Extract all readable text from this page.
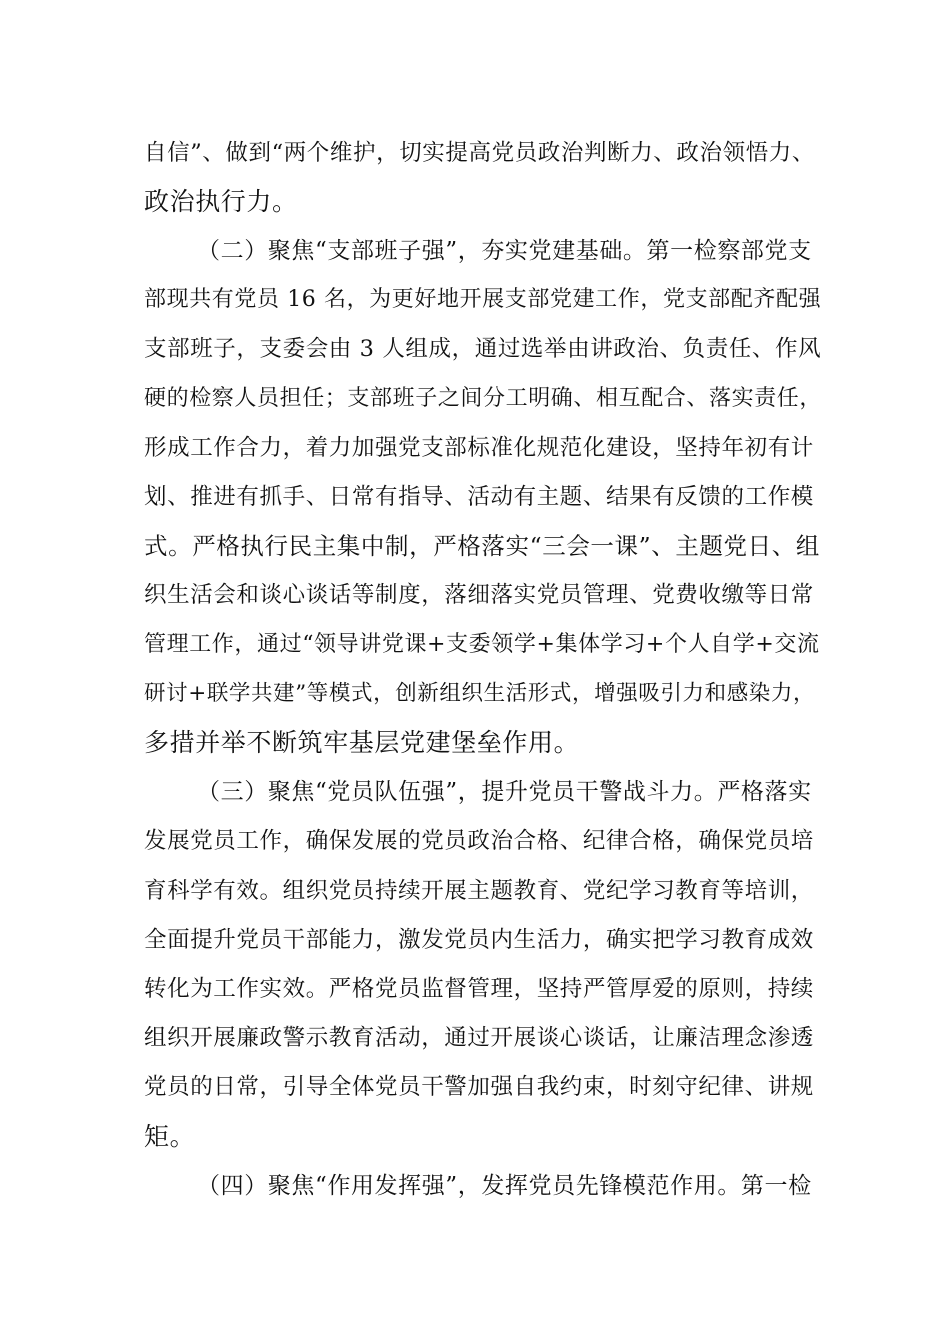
自信”、做到“两个维护，切实提高党员政治判断力、政治领悟力、
政治执行力。
（二）聚焦“支部班子强”，夯实党建基础。第一检察部党支
部现共有党员 16 名，为更好地开展支部党建工作，党支部配齐配强
支部班子，支委会由 3 人组成，通过选举由讲政治、负责任、作风
硬的检察人员担任；支部班子之间分工明确、相互配合、落实责任，
形成工作合力，着力加强党支部标准化规范化建设，坚持年初有计
划、推进有抓手、日常有指导、活动有主题、结果有反馈的工作模
式。严格执行民主集中制，严格落实“三会一课”、主题党日、组
织生活会和谈心谈话等制度，落细落实党员管理、党费收缴等日常
管理工作，通过“领导讲党课+支委领学+集体学习+个人自学+交流
研讨+联学共建”等模式，创新组织生活形式，增强吸引力和感染力，
多措并举不断筑牢基层党建堡垒作用。
（三）聚焦“党员队伍强”，提升党员干警战斗力。严格落实
发展党员工作，确保发展的党员政治合格、纪律合格，确保党员培
育科学有效。组织党员持续开展主题教育、党纪学习教育等培训，
全面提升党员干部能力，激发党员内生活力，确实把学习教育成效
转化为工作实效。严格党员监督管理，坚持严管厚爱的原则，持续
组织开展廉政警示教育活动，通过开展谈心谈话，让廉洁理念渗透
党员的日常，引导全体党员干警加强自我约束，时刻守纪律、讲规
矩。
（四）聚焦“作用发挥强”，发挥党员先锋模范作用。第一检
